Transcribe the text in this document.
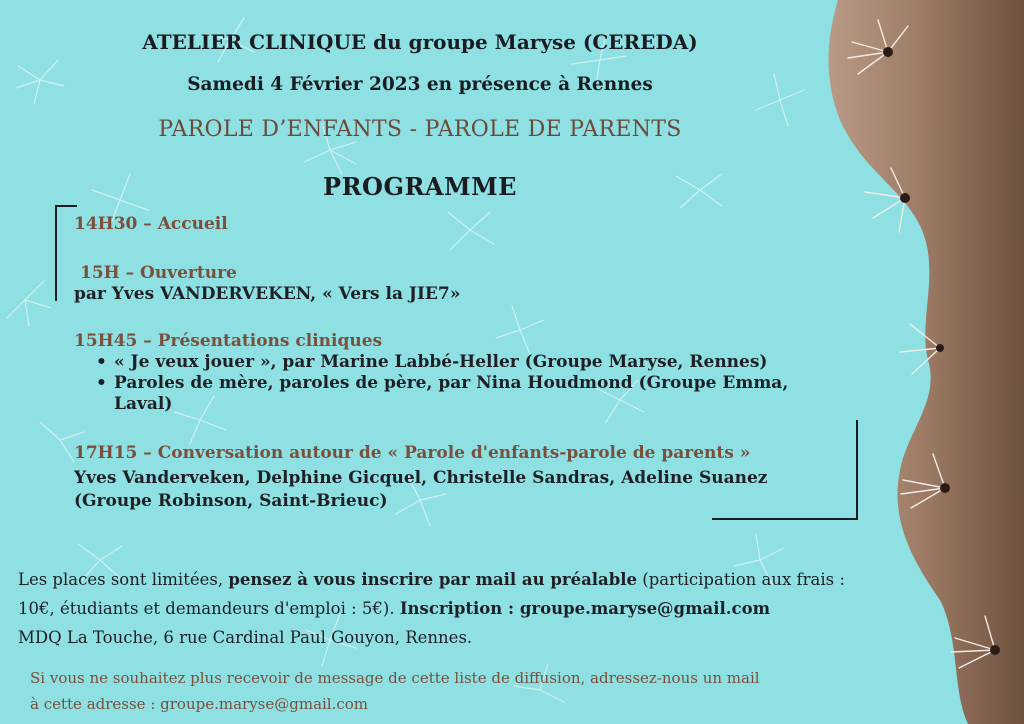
ATELIER CLINIQUE du groupe Maryse (CEREDA)
Samedi 4 Février 2023 en présence à Rennes
PAROLE D’ENFANTS - PAROLE DE PARENTS
PROGRAMME
14H30 – Accueil
15H – Ouverture
par Yves VANDERVEKEN, « Vers la JIE7»
15H45 – Présentations cliniques
• « Je veux jouer », par Marine Labbé-Heller (Groupe Maryse, Rennes)
• Paroles de mère, paroles de père, par Nina Houdmond (Groupe Emma,
Laval)
17H15 – Conversation autour de « Parole d'enfants-parole de parents »
Yves Vanderveken, Delphine Gicquel, Christelle Sandras, Adeline Suanez
(Groupe Robinson, Saint-Brieuc)
Les places sont limitées, pensez à vous inscrire par mail au préalable (participation aux frais :
10€, étudiants et demandeurs d'emploi : 5€). Inscription : groupe.maryse@gmail.com
MDQ La Touche, 6 rue Cardinal Paul Gouyon, Rennes.
Si vous ne souhaitez plus recevoir de message de cette liste de diffusion, adressez-nous un mail
à cette adresse : groupe.maryse@gmail.com
